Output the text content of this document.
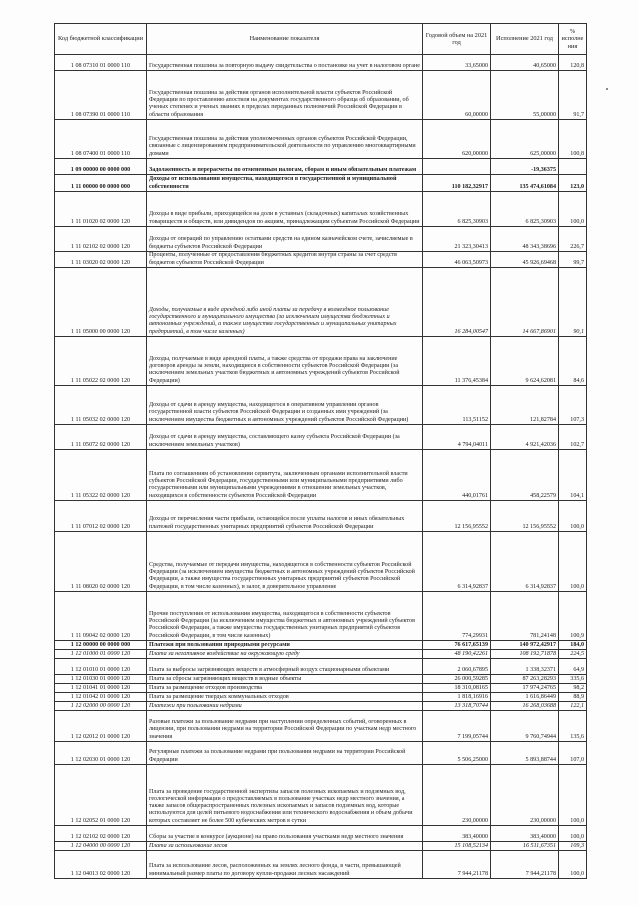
Код бюджетной классификации	Наименование показателя	Годовой объем на 2021 год	Исполнение 2021 год	% исполне ния
1 08 07310 01 0000 110	Государственная пошлина за повторную выдачу свидетельства о постановке на учет в налоговом органе	33,65000	40,65000	120,8
1 08 07390 01 0000 110	Государственная пошлина за действия органов исполнительной власти субъектов Российской Федерации по проставлению апостиля на документах государственного образца об образовании, об ученых степенях и ученых званиях в пределах переданных полномочий Российской Федерации в области образования	60,00000	55,00000	91,7
1 08 07400 01 0000 110	Государственная пошлина за действия уполномоченных органов субъектов Российской Федерации, связанные с лицензированием предпринимательской деятельности по управлению многоквартирными домами	620,00000	625,00000	100,8
1 09 00000 00 0000 000	Задолженность и перерасчеты по отмененным налогам, сборам и иным обязательным платежам		-19,36375	
1 11 00000 00 0000 000	Доходы от использования имущества, находящегося в государственной и муниципальной собственности	110 182,32917	135 474,61084	123,0
1 11 01020 02 0000 120	Доходы в виде прибыли, приходящейся на доли в уставных (складочных) капиталах хозяйственных товариществ и обществ, или дивидендов по акциям, принадлежащим субъектам Российской Федерации	6 825,30903	6 825,30903	100,0
1 11 02102 02 0000 120	Доходы от операций по управлению остатками средств на едином казначейском счете, зачисляемые в бюджеты субъектов Российской Федерации	21 323,30413	48 343,38696	226,7
1 11 03020 02 0000 120	Проценты, полученные от предоставления бюджетных кредитов внутри страны за счет средств бюджетов субъектов Российской Федерации	46 063,50973	45 926,69468	99,7
1 11 05000 00 0000 120	Доходы, получаемые в виде арендной либо иной платы за передачу в возмездное пользование государственного и муниципального имущества (за исключением имущества бюджетных и автономных учреждений, а также имущества государственных и муниципальных унитарных предприятий, в том числе казенных)	16 284,00547	14 667,86901	90,1
1 11 05022 02 0000 120	Доходы, получаемые в виде арендной платы, а также средства от продажи права на заключение договоров аренды за земли, находящиеся в собственности субъектов Российской Федерации (за исключением земельных участков бюджетных и автономных учреждений субъектов Российской Федерации)	11 376,45384	9 624,62081	84,6
1 11 05032 02 0000 120	Доходы от сдачи в аренду имущества, находящегося в оперативном управлении органов государственной власти субъектов Российской Федерации и созданных ими учреждений (за исключением имущества бюджетных и автономных учреждений субъектов Российской Федерации)	113,51152	121,82784	107,3
1 11 05072 02 0000 120	Доходы от сдачи в аренду имущества, составляющего казну субъекта Российской Федерации (за исключением земельных участков)	4 794,04011	4 921,42036	102,7
1 11 05322 02 0000 120	Плата по соглашениям об установлении сервитута, заключенным органами исполнительной власти субъектов Российской Федерации, государственными или муниципальными предприятиями либо государственными или муниципальными учреждениями в отношении земельных участков, находящихся в собственности субъектов Российской Федерации	440,01761	458,22579	104,1
1 11 07012 02 0000 120	Доходы от перечисления части прибыли, остающейся после уплаты налогов и иных обязательных платежей государственных унитарных предприятий субъектов Российской Федерации	12 156,95552	12 156,95552	100,0
1 11 08020 02 0000 120	Средства, получаемые от передачи имущества, находящегося в собственности субъектов Российской Федерации (за исключением имущества бюджетных и автономных учреждений субъектов Российской Федерации, а также имущества государственных унитарных предприятий субъектов Российской Федерации, в том числе казенных), в залог, в доверительное управление	6 314,92837	6 314,92837	100,0
1 11 09042 02 0000 120	Прочие поступления от использования имущества, находящегося в собственности субъектов Российской Федерации (за исключением имущества бюджетных и автономных учреждений субъектов Российской Федерации, а также имущества государственных унитарных предприятий субъектов Российской Федерации, в том числе казенных)	774,29931	781,24148	100,9
1 12 00000 00 0000 000	Платежи при пользовании природными ресурсами	76 617,65139	140 972,42917	184,0
1 12 01000 01 0000 120	Плата за негативное воздействие на окружающую среду	48 190,42261	108 192,71878	224,5
1 12 01010 01 0000 120	Плата за выбросы загрязняющих веществ в атмосферный воздух стационарными объектами	2 060,67895	1 338,32371	64,9
1 12 01030 01 0000 120	Плата за сбросы загрязняющих веществ в водные объекты	26 000,59285	87 263,28293	335,6
1 12 01041 01 0000 120	Плата за размещение отходов производства	18 310,08165	17 974,24765	98,2
1 12 01042 01 0000 120	Плата за размещение твердых коммунальных отходов	1 818,16916	1 616,86449	88,9
1 12 02000 00 0000 120	Платежи при пользовании недрами	13 318,70744	16 268,03688	122,1
1 12 02012 01 0000 120	Разовые платежи за пользование недрами при наступлении определенных событий, оговоренных в лицензии, при пользовании недрами на территории Российской Федерации по участкам недр местного значения	7 199,05744	9 760,74944	135,6
1 12 02030 01 0000 120	Регулярные платежи за пользование недрами при пользовании недрами на территории Российской Федерации	5 506,25000	5 893,88744	107,0
1 12 02052 01 0000 120	Плата за проведение государственной экспертизы запасов полезных ископаемых и подземных вод, геологической информации о предоставляемых в пользование участках недр местного значения, а также запасов общераспространенных полезных ископаемых и запасов подземных вод, которые используются для целей питьевого водоснабжения или технического водоснабжения и объем добычи которых составляет не более 500 кубических метров в сутки	230,00000	230,00000	100,0
1 12 02102 02 0000 120	Сборы за участие в конкурсе (аукционе) на право пользования участками недр местного значения	383,40000	383,40000	100,0
1 12 04000 00 0000 120	Плата за использование лесов	15 108,52134	16 511,67351	109,3
1 12 04013 02 0000 120	Плата за использование лесов, расположенных на землях лесного фонда, в части, превышающей минимальный размер платы по договору купли-продажи лесных насаждений	7 944,21178	7 944,21178	100,0
